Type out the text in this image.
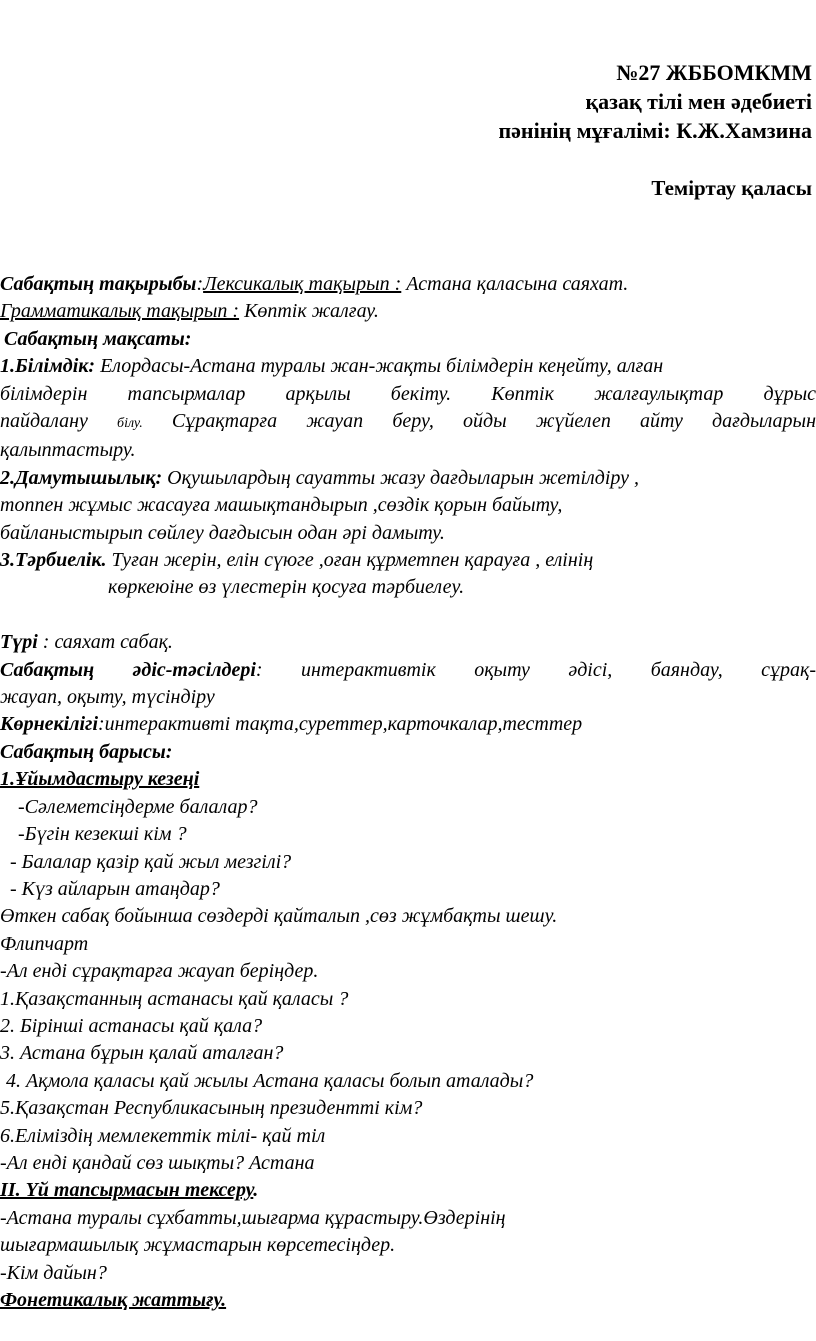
№27 ЖББОМКММ
қазақ тілі мен әдебиеті
пәнінің мұғалімі: К.Ж.Хамзина
Теміртау қаласы
Сабақтың тақырыбы:Лексикалық тақырып : Астана қаласына саяхат.
Грамматикалық тақырып : Көптік жалғау.
Сабақтың мақсаты:
1.Білімдік: Елордасы-Астана туралы жан-жақты білімдерін кеңейту, алған
білімдерін тапсырмалар арқылы бекіту. Көптік жалғаулықтар дұрыс
пайдалану білу. Сұрақтарға жауап беру, ойды жүйелеп айту дағдыларын
қалыптастыру.
2.Дамутышылық: Оқушылардың сауатты жазу дағдыларын жетілдіру ,
топпен жұмыс жасауға машықтандырып ,сөздік қорын байыту,
байланыстырып сөйлеу дағдысын одан әрі дамыту.
3.Тәрбиелік. Туған жерін, елін сүюге ,оған құрметпен қарауға , елінің
көркеюіне өз үлестерін қосуға тәрбиелеу.
Түрі : саяхат сабақ.
Сабақтың әдіс-тәсілдері: интерактивтік оқыту әдісі, баяндау, сұрақ-
жауап, оқыту, түсіндіру
Көрнекілігі:интерактивті тақта,суреттер,карточкалар,тесттер
Сабақтың барысы:
1.Ұйымдастыру кезеңі
-Сәлеметсіңдерме балалар?
-Бүгін кезекші кім ?
- Балалар қазір қай жыл мезгілі?
- Күз айларын атаңдар?
Өткен сабақ бойынша сөздерді қайталып ,сөз жұмбақты шешу.
Флипчарт
-Ал енді сұрақтарға жауап беріңдер.
1.Қазақстанның астанасы қай қаласы ?
2. Бірінші астанасы қай қала?
3. Астана бұрын қалай аталған?
4. Ақмола қаласы қай жылы Астана қаласы болып аталады?
5.Қазақстан Республикасының президентті кім?
6.Еліміздің мемлекеттік тілі- қай тіл
-Ал енді қандай сөз шықты? Астана
II. Үй тапсырмасын тексеру.
-Астана туралы сұхбатты,шығарма құрастыру.Өздерінің
шығармашылық жұмастарын көрсетесіңдер.
-Кім дайын?
Фонетикалық жаттығу.
